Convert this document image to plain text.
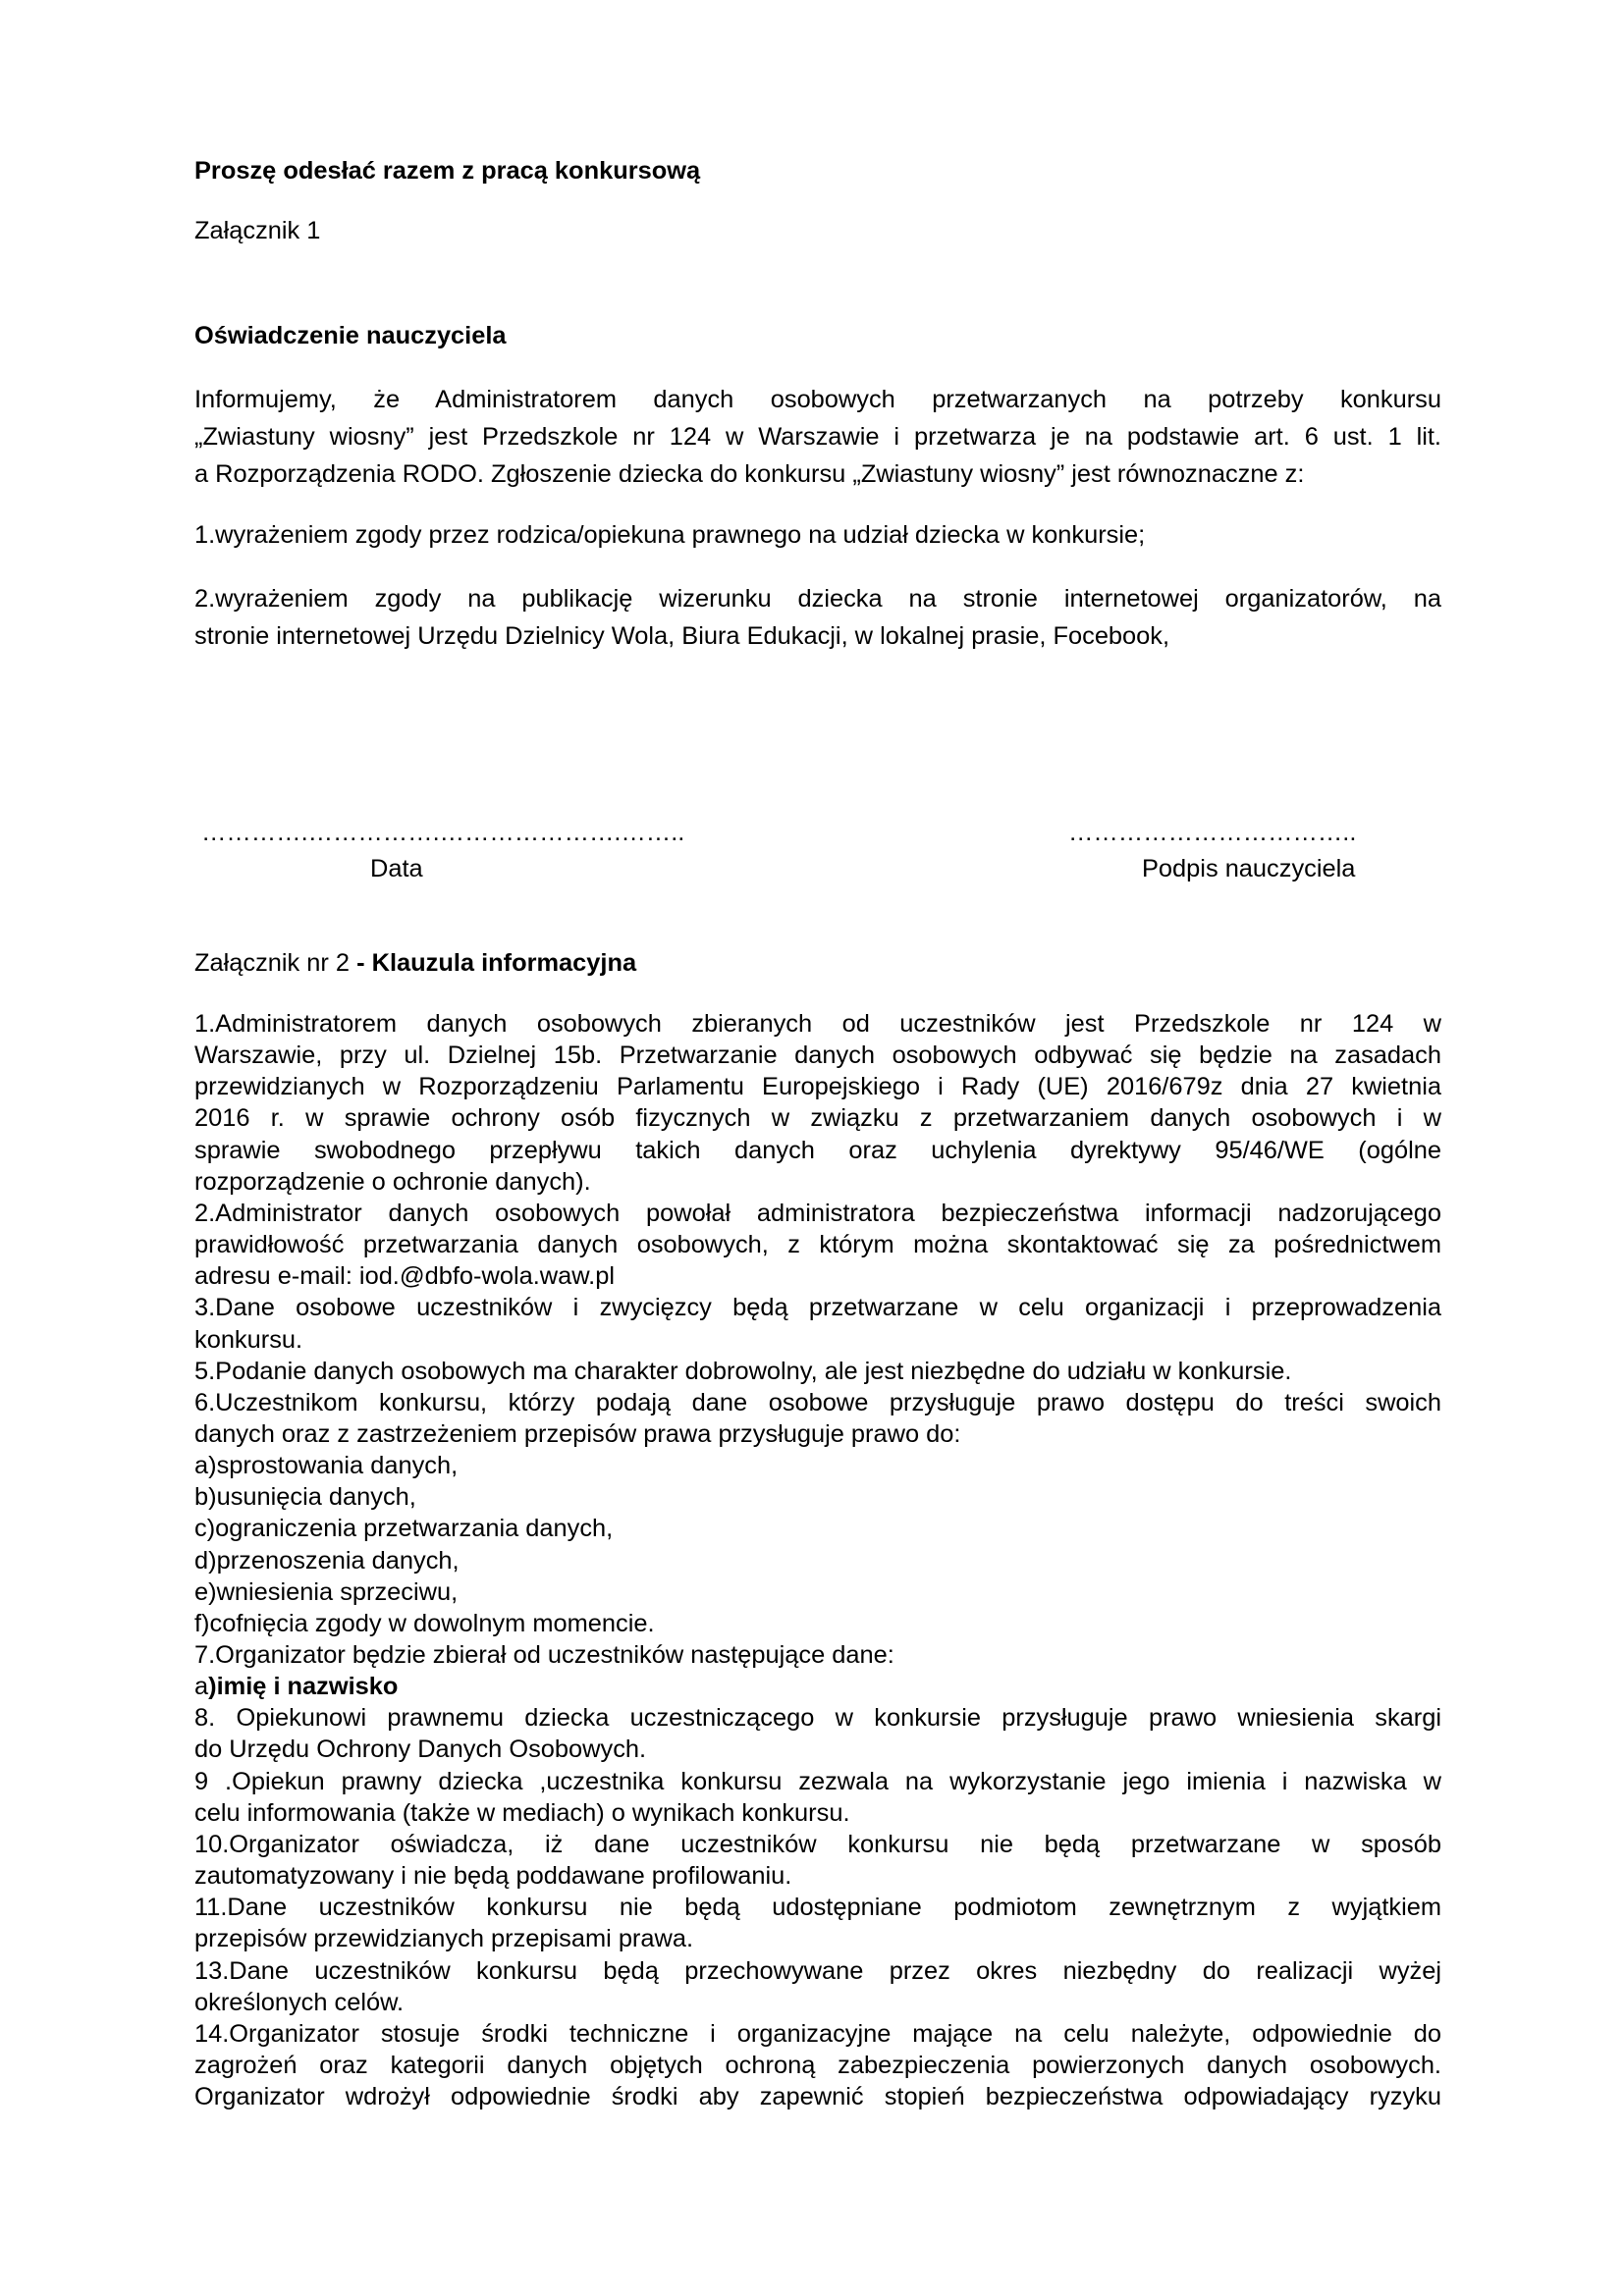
Proszę odesłać razem z pracą konkursową
Załącznik 1
Oświadczenie nauczyciela
Informujemy, że Administratorem danych osobowych przetwarzanych na potrzeby konkursu
„Zwiastuny wiosny” jest Przedszkole nr 124 w Warszawie i przetwarza je na podstawie art. 6 ust. 1 lit.
a Rozporządzenia RODO. Zgłoszenie dziecka do konkursu „Zwiastuny wiosny” jest równoznaczne z:
1.wyrażeniem zgody przez rodzica/opiekuna prawnego na udział dziecka w konkursie;
2.wyrażeniem zgody na publikację wizerunku dziecka na stronie internetowej organizatorów, na
stronie internetowej Urzędu Dzielnicy Wola, Biura Edukacji, w lokalnej prasie, Focebook,
………….…………….………………….……..
Data
……………………………..
Podpis nauczyciela
Załącznik nr 2 - Klauzula informacyjna
1.Administratorem danych osobowych zbieranych od uczestników jest Przedszkole nr 124 w
Warszawie, przy ul. Dzielnej 15b. Przetwarzanie danych osobowych odbywać się będzie na zasadach
przewidzianych w Rozporządzeniu Parlamentu Europejskiego i Rady (UE) 2016/679z dnia 27 kwietnia
2016 r. w sprawie ochrony osób fizycznych w związku z przetwarzaniem danych osobowych i w
sprawie swobodnego przepływu takich danych oraz uchylenia dyrektywy 95/46/WE (ogólne
rozporządzenie o ochronie danych).
2.Administrator danych osobowych powołał administratora bezpieczeństwa informacji nadzorującego
prawidłowość przetwarzania danych osobowych, z którym można skontaktować się za pośrednictwem
adresu e-mail: iod.@dbfo-wola.waw.pl
3.Dane osobowe uczestników i zwycięzcy będą przetwarzane w celu organizacji i przeprowadzenia
konkursu.
5.Podanie danych osobowych ma charakter dobrowolny, ale jest niezbędne do udziału w konkursie.
6.Uczestnikom konkursu, którzy podają dane osobowe przysługuje prawo dostępu do treści swoich
danych oraz z zastrzeżeniem przepisów prawa przysługuje prawo do:
a)sprostowania danych,
b)usunięcia danych,
c)ograniczenia przetwarzania danych,
d)przenoszenia danych,
e)wniesienia sprzeciwu,
f)cofnięcia zgody w dowolnym momencie.
7.Organizator będzie zbierał od uczestników następujące dane:
a)imię i nazwisko
8. Opiekunowi prawnemu dziecka uczestniczącego w konkursie przysługuje prawo wniesienia skargi
do Urzędu Ochrony Danych Osobowych.
9 .Opiekun prawny dziecka ,uczestnika konkursu zezwala na wykorzystanie jego imienia i nazwiska w
celu informowania (także w mediach) o wynikach konkursu.
10.Organizator oświadcza, iż dane uczestników konkursu nie będą przetwarzane w sposób
zautomatyzowany i nie będą poddawane profilowaniu.
11.Dane uczestników konkursu nie będą udostępniane podmiotom zewnętrznym z wyjątkiem
przepisów przewidzianych przepisami prawa.
13.Dane uczestników konkursu będą przechowywane przez okres niezbędny do realizacji wyżej
określonych celów.
14.Organizator stosuje środki techniczne i organizacyjne mające na celu należyte, odpowiednie do
zagrożeń oraz kategorii danych objętych ochroną zabezpieczenia powierzonych danych osobowych.
Organizator wdrożył odpowiednie środki aby zapewnić stopień bezpieczeństwa odpowiadający ryzyku
